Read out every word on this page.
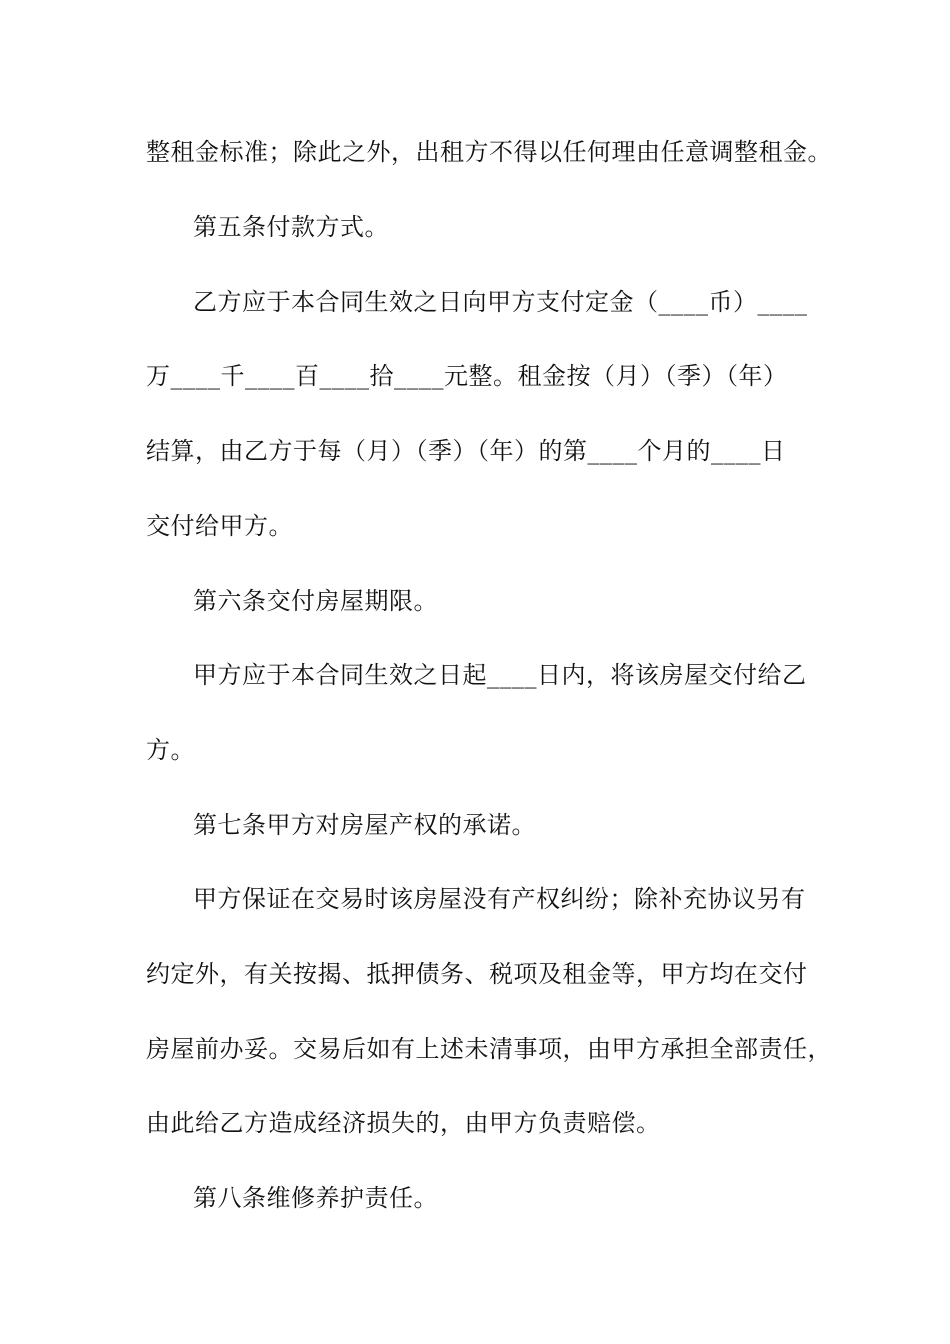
整租金标准；除此之外，出租方不得以任何理由任意调整租金。
第五条付款方式。
乙方应于本合同生效之日向甲方支付定金（____币）____
万____千____百____拾____元整。租金按（月）（季）（年）
结算，由乙方于每（月）（季）（年）的第____个月的____日
交付给甲方。
第六条交付房屋期限。
甲方应于本合同生效之日起____日内，将该房屋交付给乙
方。
第七条甲方对房屋产权的承诺。
甲方保证在交易时该房屋没有产权纠纷；除补充协议另有
约定外，有关按揭、抵押债务、税项及租金等，甲方均在交付
房屋前办妥。交易后如有上述未清事项，由甲方承担全部责任，
由此给乙方造成经济损失的，由甲方负责赔偿。
第八条维修养护责任。
